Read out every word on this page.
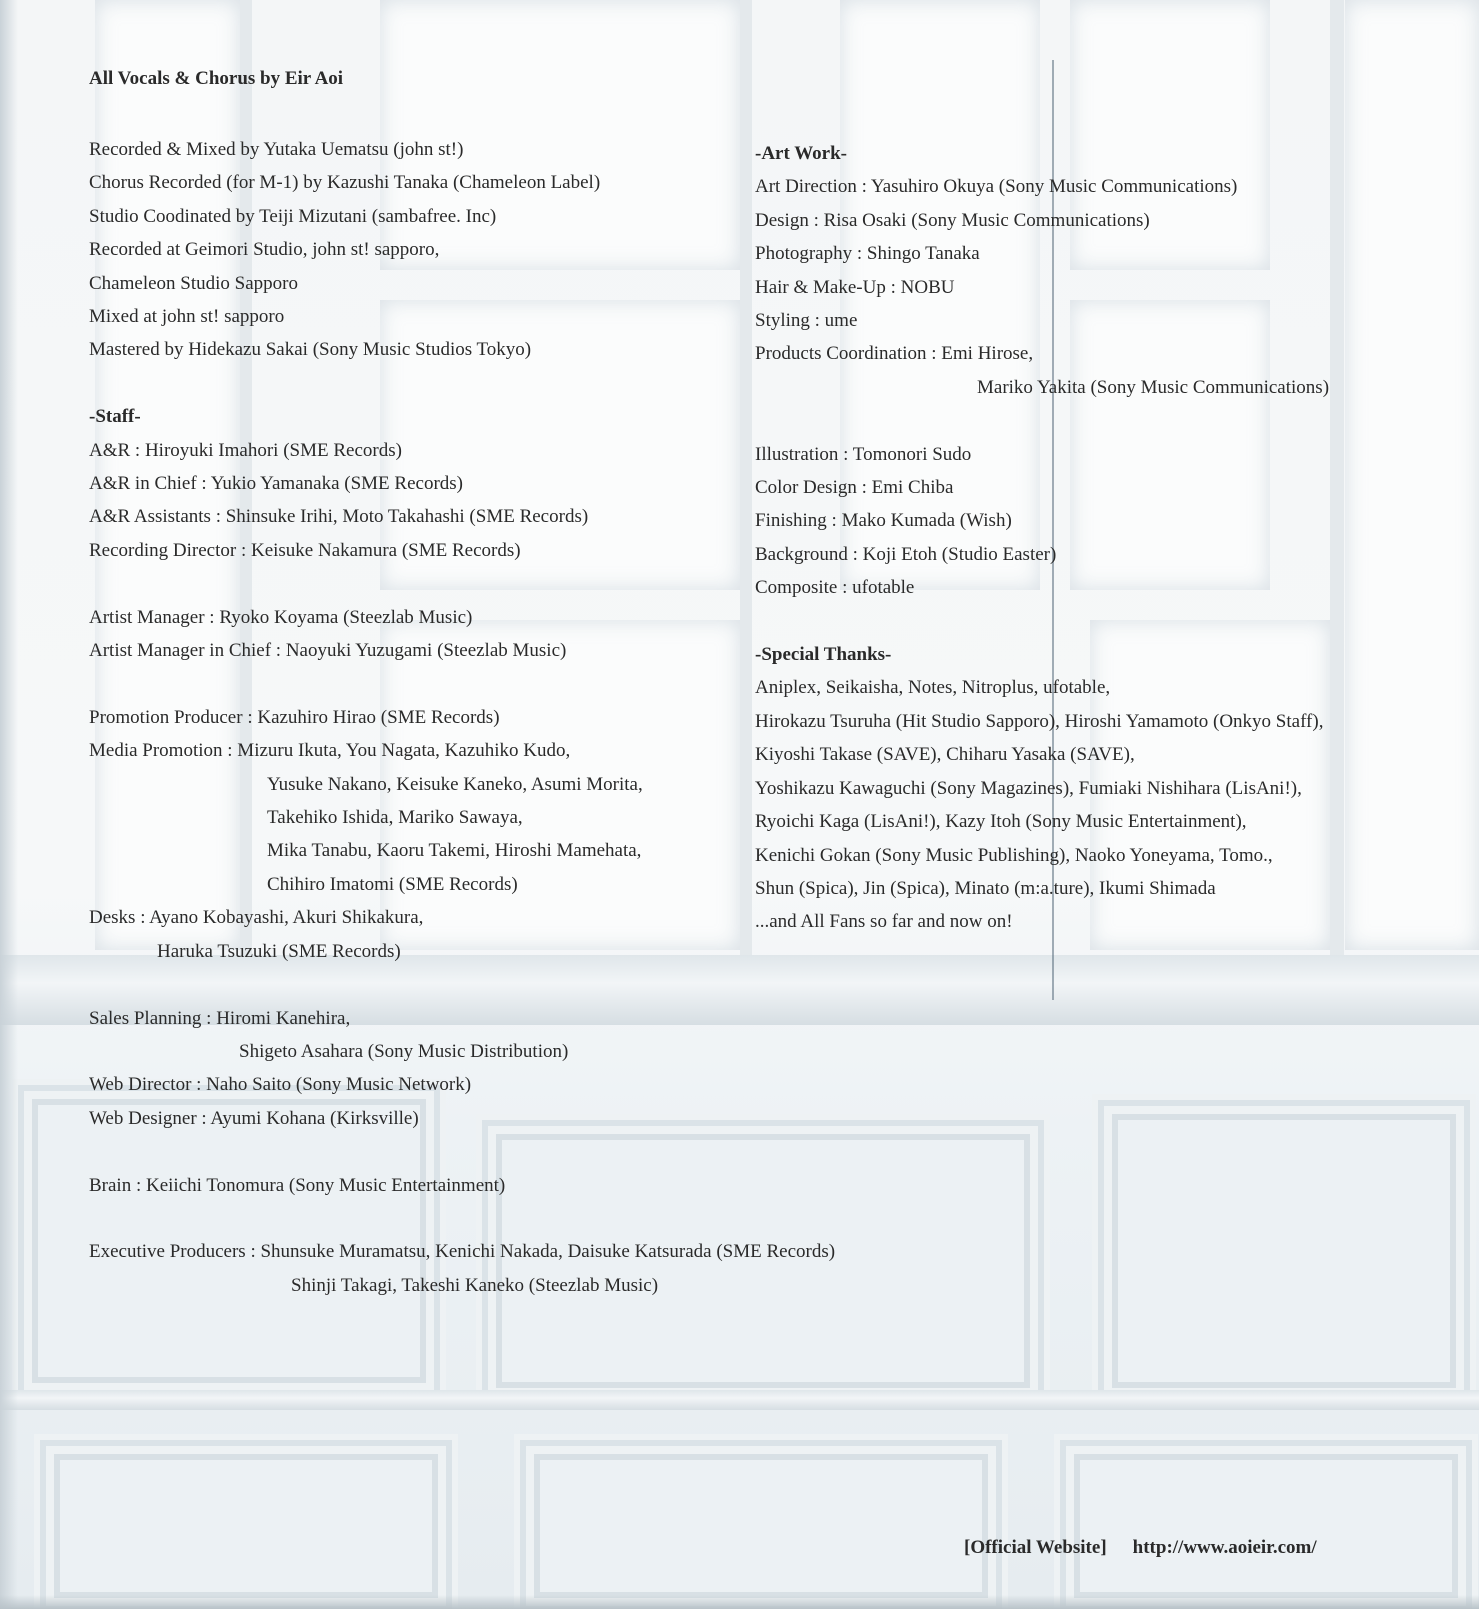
All Vocals & Chorus by Eir Aoi
Recorded & Mixed by Yutaka Uematsu (john st!)
Chorus Recorded (for M-1) by Kazushi Tanaka (Chameleon Label)
Studio Coodinated by Teiji Mizutani (sambafree. Inc)
Recorded at Geimori Studio, john st! sapporo,
Chameleon Studio Sapporo
Mixed at john st! sapporo
Mastered by Hidekazu Sakai (Sony Music Studios Tokyo)
-Staff-
A&R : Hiroyuki Imahori (SME Records)
A&R in Chief : Yukio Yamanaka (SME Records)
A&R Assistants : Shinsuke Irihi, Moto Takahashi (SME Records)
Recording Director : Keisuke Nakamura (SME Records)
Artist Manager : Ryoko Koyama (Steezlab Music)
Artist Manager in Chief : Naoyuki Yuzugami (Steezlab Music)
Promotion Producer : Kazuhiro Hirao (SME Records)
Media Promotion : Mizuru Ikuta, You Nagata, Kazuhiko Kudo,
Yusuke Nakano, Keisuke Kaneko, Asumi Morita,
Takehiko Ishida, Mariko Sawaya,
Mika Tanabu, Kaoru Takemi, Hiroshi Mamehata,
Chihiro Imatomi (SME Records)
Desks : Ayano Kobayashi, Akuri Shikakura,
Haruka Tsuzuki (SME Records)
Sales Planning : Hiromi Kanehira,
Shigeto Asahara (Sony Music Distribution)
Web Director : Naho Saito (Sony Music Network)
Web Designer : Ayumi Kohana (Kirksville)
Brain : Keiichi Tonomura (Sony Music Entertainment)
Executive Producers : Shunsuke Muramatsu, Kenichi Nakada, Daisuke Katsurada (SME Records)
Shinji Takagi, Takeshi Kaneko (Steezlab Music)
-Art Work-
Art Direction : Yasuhiro Okuya (Sony Music Communications)
Design : Risa Osaki (Sony Music Communications)
Photography : Shingo Tanaka
Hair & Make-Up : NOBU
Styling : ume
Products Coordination : Emi Hirose,
Mariko Yakita (Sony Music Communications)
Illustration : Tomonori Sudo
Color Design : Emi Chiba
Finishing : Mako Kumada (Wish)
Background : Koji Etoh (Studio Easter)
Composite : ufotable
-Special Thanks-
Aniplex, Seikaisha, Notes, Nitroplus, ufotable,
Hirokazu Tsuruha (Hit Studio Sapporo), Hiroshi Yamamoto (Onkyo Staff),
Kiyoshi Takase (SAVE), Chiharu Yasaka (SAVE),
Yoshikazu Kawaguchi (Sony Magazines), Fumiaki Nishihara (LisAni!),
Ryoichi Kaga (LisAni!), Kazy Itoh (Sony Music Entertainment),
Kenichi Gokan (Sony Music Publishing), Naoko Yoneyama, Tomo.,
Shun (Spica), Jin (Spica), Minato (m:a.ture), Ikumi Shimada
...and All Fans so far and now on!
[Official Website] http://www.aoieir.com/
